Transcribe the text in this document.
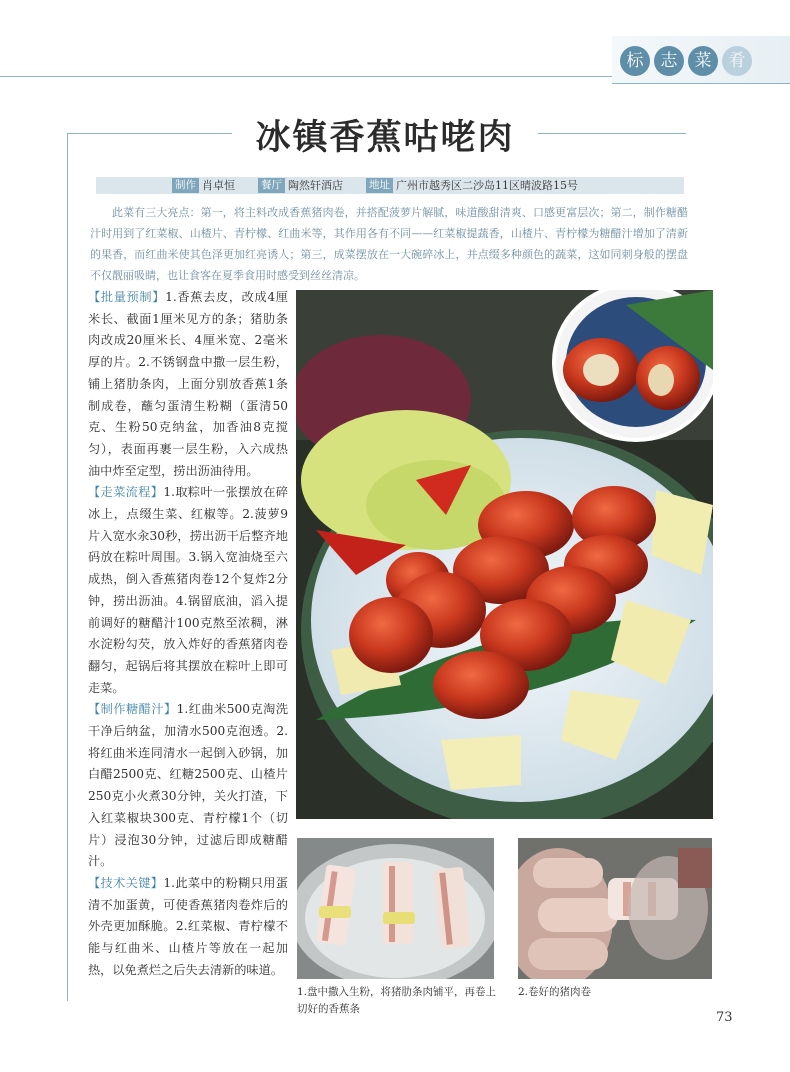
标	志	菜	肴
冰镇香蕉咕咾肉
制作 肖卓恒 餐厅 陶然轩酒店 地址 广州市越秀区二沙岛11区晴波路15号

此菜有三大亮点：第一，将主料改成香蕉猪肉卷，并搭配菠萝片解腻，味道酸甜清爽、口感更富层次；第二，制作糖醋汁时用到了红菜椒、山楂片、青柠檬、红曲米等，其作用各有不同——红菜椒提蔬香，山楂片、青柠檬为糖醋汁增加了清新的果香，而红曲米使其色泽更加红亮诱人；第三，成菜摆放在一大碗碎冰上，并点缀多种颜色的蔬菜，这如同刺身般的摆盘不仅靓丽吸睛，也让食客在夏季食用时感受到丝丝清凉。

【批量预制】1.香蕉去皮，改成4厘米长、截面1厘米见方的条；猪肋条肉改成20厘米长、4厘米宽、2毫米厚的片。2.不锈钢盘中撒一层生粉，铺上猪肋条肉，上面分别放香蕉1条制成卷，蘸匀蛋清生粉糊（蛋清50克、生粉50克纳盆，加香油8克搅匀），表面再裹一层生粉，入六成热油中炸至定型，捞出沥油待用。

【走菜流程】1.取粽叶一张摆放在碎冰上，点缀生菜、红椒等。2.菠萝9片入宽水汆30秒，捞出沥干后整齐地码放在粽叶周围。3.锅入宽油烧至六成热，倒入香蕉猪肉卷12个复炸2分钟，捞出沥油。4.锅留底油，滔入提前调好的糖醋汁100克熬至浓稠，淋水淀粉勾芡，放入炸好的香蕉猪肉卷翻匀，起锅后将其摆放在粽叶上即可走菜。

【制作糖醋汁】1.红曲米500克淘洗干净后纳盆，加清水500克泡透。2.将红曲米连同清水一起倒入砂锅，加白醋2500克、红糖2500克、山楂片250克小火煮30分钟，关火打渣，下入红菜椒块300克、青柠檬1个（切片）浸泡30分钟，过滤后即成糖醋汁。

【技术关键】1.此菜中的粉糊只用蛋清不加蛋黄，可使香蕉猪肉卷炸后的外壳更加酥脆。2.红菜椒、青柠檬不能与红曲米、山楂片等放在一起加热，以免煮烂之后失去清新的味道。

1.盘中撒入生粉，将猪肋条肉铺平，再卷上切好的香蕉条

2.卷好的猪肉卷

73
